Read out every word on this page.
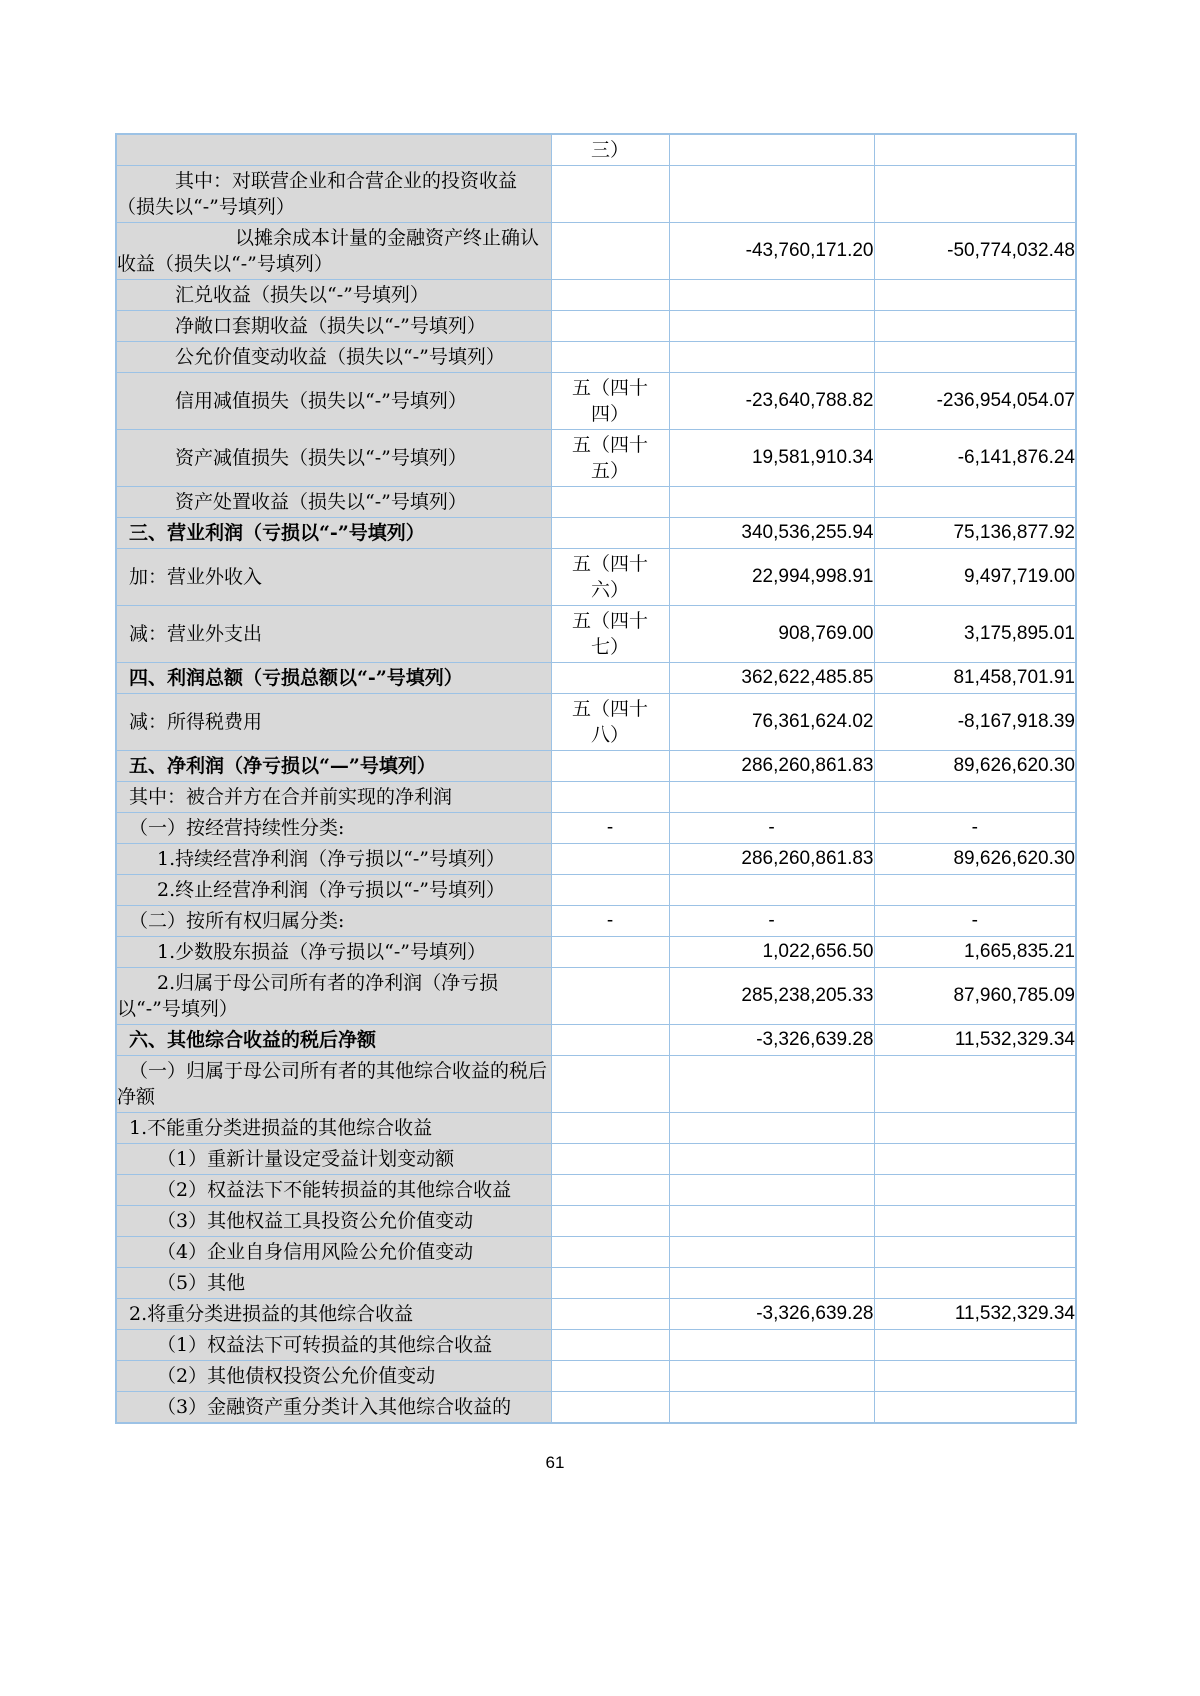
	三）		
其中：对联营企业和合营企业的投资收益（损失以“-”号填列）			
以摊余成本计量的金融资产终止确认收益（损失以“-”号填列）		-43,760,171.20	-50,774,032.48
汇兑收益（损失以“-”号填列）			
净敞口套期收益（损失以“-”号填列）			
公允价值变动收益（损失以“-”号填列）			
信用减值损失（损失以“-”号填列）	五（四十四）	-23,640,788.82	-236,954,054.07
资产减值损失（损失以“-”号填列）	五（四十五）	19,581,910.34	-6,141,876.24
资产处置收益（损失以“-”号填列）			
三、营业利润（亏损以“-”号填列）		340,536,255.94	75,136,877.92
加：营业外收入	五（四十六）	22,994,998.91	9,497,719.00
减：营业外支出	五（四十七）	908,769.00	3,175,895.01
四、利润总额（亏损总额以“-”号填列）		362,622,485.85	81,458,701.91
减：所得税费用	五（四十八）	76,361,624.02	-8,167,918.39
五、净利润（净亏损以“—”号填列）		286,260,861.83	89,626,620.30
其中：被合并方在合并前实现的净利润			
（一）按经营持续性分类:	-	-	-
1.持续经营净利润（净亏损以“-”号填列）		286,260,861.83	89,626,620.30
2.终止经营净利润（净亏损以“-”号填列）			
（二）按所有权归属分类:	-	-	-
1.少数股东损益（净亏损以“-”号填列）		1,022,656.50	1,665,835.21
2.归属于母公司所有者的净利润（净亏损以“-”号填列）		285,238,205.33	87,960,785.09
六、其他综合收益的税后净额		-3,326,639.28	11,532,329.34
（一）归属于母公司所有者的其他综合收益的税后净额			
1.不能重分类进损益的其他综合收益			
（1）重新计量设定受益计划变动额			
（2）权益法下不能转损益的其他综合收益			
（3）其他权益工具投资公允价值变动			
（4）企业自身信用风险公允价值变动			
（5）其他			
2.将重分类进损益的其他综合收益		-3,326,639.28	11,532,329.34
（1）权益法下可转损益的其他综合收益			
（2）其他债权投资公允价值变动			
（3）金融资产重分类计入其他综合收益的			
61
